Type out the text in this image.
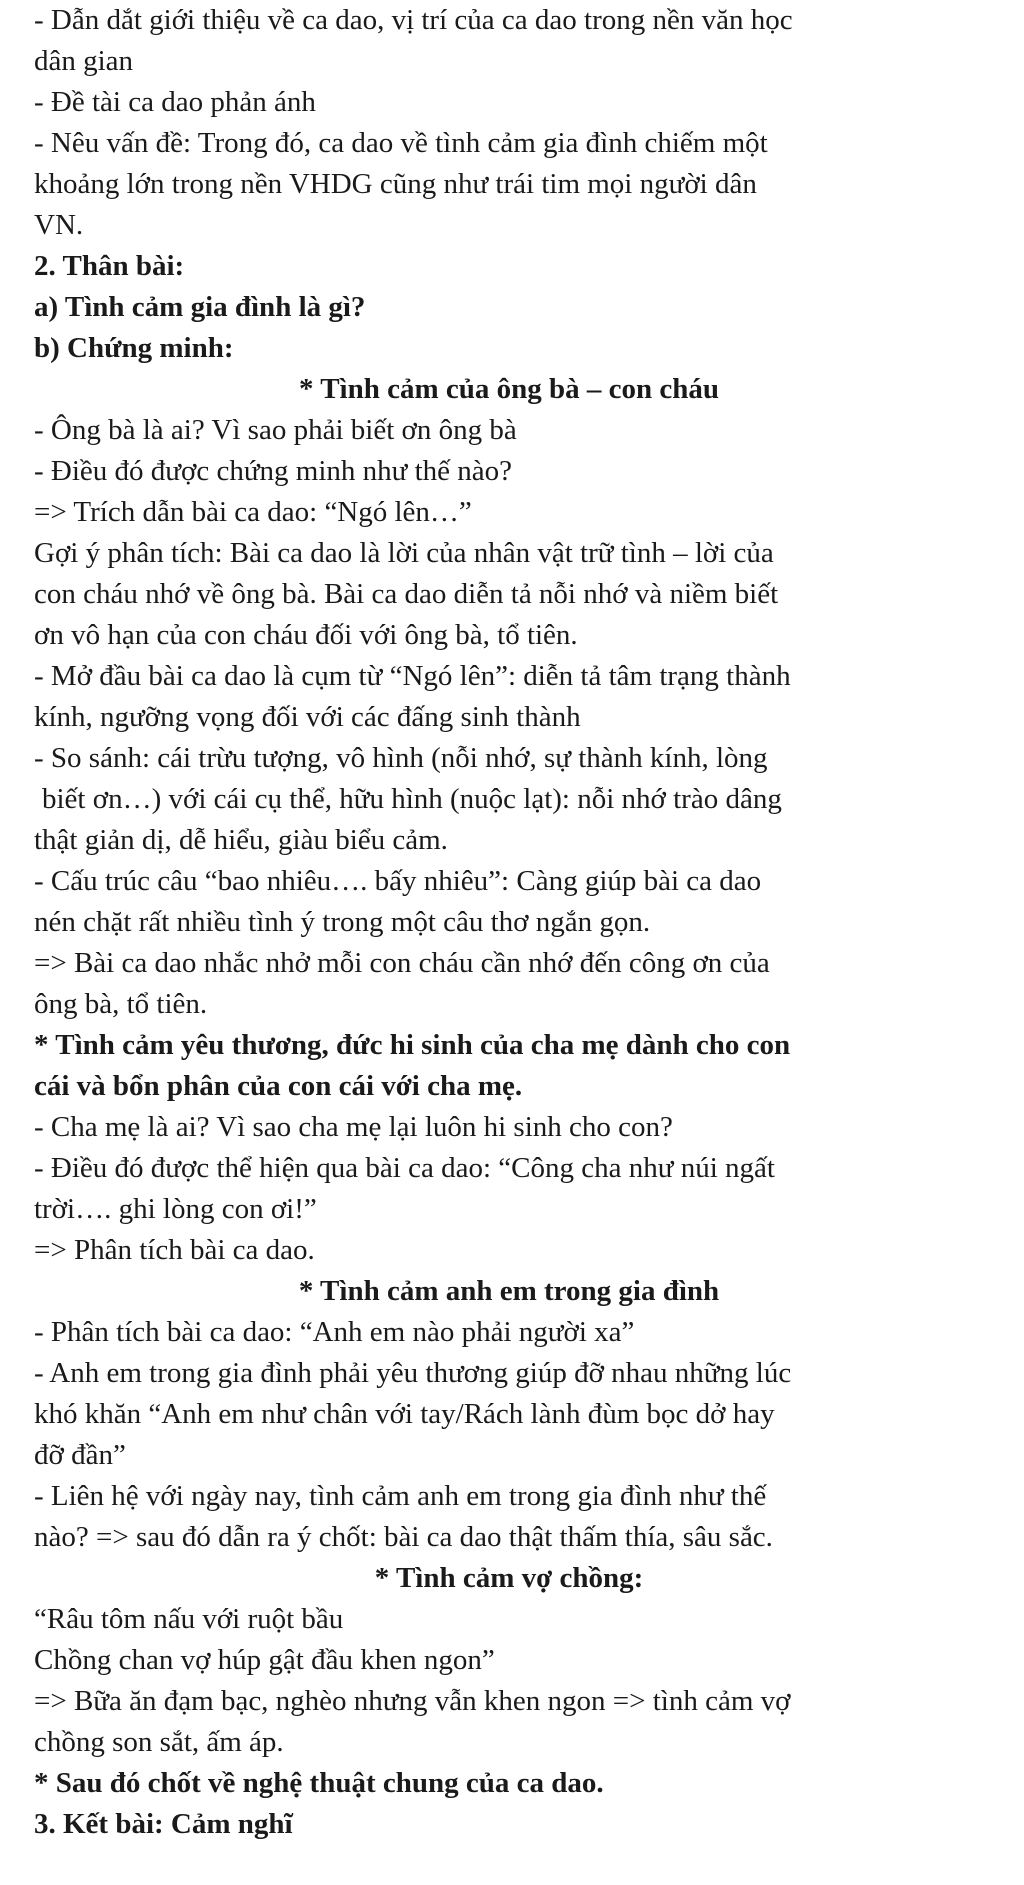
- Dẫn dắt giới thiệu về ca dao, vị trí của ca dao trong nền văn học
dân gian
- Đề tài ca dao phản ánh
- Nêu vấn đề: Trong đó, ca dao về tình cảm gia đình chiếm một
khoảng lớn trong nền VHDG cũng như trái tim mọi người dân
VN.
2. Thân bài:
a) Tình cảm gia đình là gì?
b) Chứng minh:
* Tình cảm của ông bà – con cháu
- Ông bà là ai? Vì sao phải biết ơn ông bà
- Điều đó được chứng minh như thế nào?
=> Trích dẫn bài ca dao: “Ngó lên…”
Gợi ý phân tích: Bài ca dao là lời của nhân vật trữ tình – lời của
con cháu nhớ về ông bà. Bài ca dao diễn tả nỗi nhớ và niềm biết
ơn vô hạn của con cháu đối với ông bà, tổ tiên.
- Mở đầu bài ca dao là cụm từ “Ngó lên”: diễn tả tâm trạng thành
kính, ngưỡng vọng đối với các đấng sinh thành
- So sánh: cái trừu tượng, vô hình (nỗi nhớ, sự thành kính, lòng
biết ơn…) với cái cụ thể, hữu hình (nuộc lạt): nỗi nhớ trào dâng
thật giản dị, dễ hiểu, giàu biểu cảm.
- Cấu trúc câu “bao nhiêu…. bấy nhiêu”: Càng giúp bài ca dao
nén chặt rất nhiều tình ý trong một câu thơ ngắn gọn.
=> Bài ca dao nhắc nhở mỗi con cháu cần nhớ đến công ơn của
ông bà, tổ tiên.
* Tình cảm yêu thương, đức hi sinh của cha mẹ dành cho con
cái và bổn phân của con cái với cha mẹ.
- Cha mẹ là ai? Vì sao cha mẹ lại luôn hi sinh cho con?
- Điều đó được thể hiện qua bài ca dao: “Công cha như núi ngất
trời…. ghi lòng con ơi!”
=> Phân tích bài ca dao.
* Tình cảm anh em trong gia đình
- Phân tích bài ca dao: “Anh em nào phải người xa”
- Anh em trong gia đình phải yêu thương giúp đỡ nhau những lúc
khó khăn “Anh em như chân với tay/Rách lành đùm bọc dở hay
đỡ đần”
- Liên hệ với ngày nay, tình cảm anh em trong gia đình như thế
nào? => sau đó dẫn ra ý chốt: bài ca dao thật thấm thía, sâu sắc.
* Tình cảm vợ chồng:
“Râu tôm nấu với ruột bầu
Chồng chan vợ húp gật đầu khen ngon”
=> Bữa ăn đạm bạc, nghèo nhưng vẫn khen ngon => tình cảm vợ
chồng son sắt, ấm áp.
* Sau đó chốt về nghệ thuật chung của ca dao.
3. Kết bài: Cảm nghĩ
